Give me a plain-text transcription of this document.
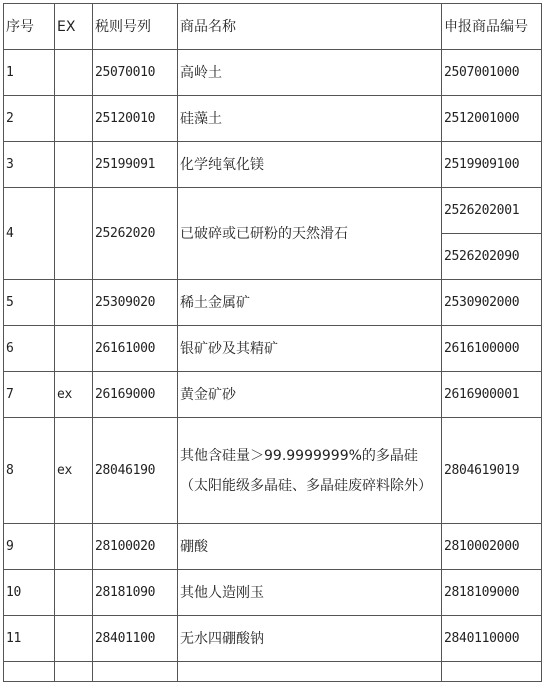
序号	EX	税则号列	商品名称	申报商品编号
1		25070010	高岭土	2507001000
2		25120010	硅藻土	2512001000
3		25199091	化学纯氧化镁	2519909100
4		25262020	已破碎或已研粉的天然滑石	2526202001
2526202090

5		25309020	稀土金属矿	2530902000
6		26161000	银矿砂及其精矿	2616100000
7	ex	26169000	黄金矿砂	2616900001
8	ex	28046190	其他含硅量＞99.9999999%的多晶硅（太阳能级多晶硅、多晶硅废碎料除外）	2804619019
9		28100020	硼酸	2810002000
10		28181090	其他人造刚玉	2818109000
11		28401100	无水四硼酸钠	2840110000
